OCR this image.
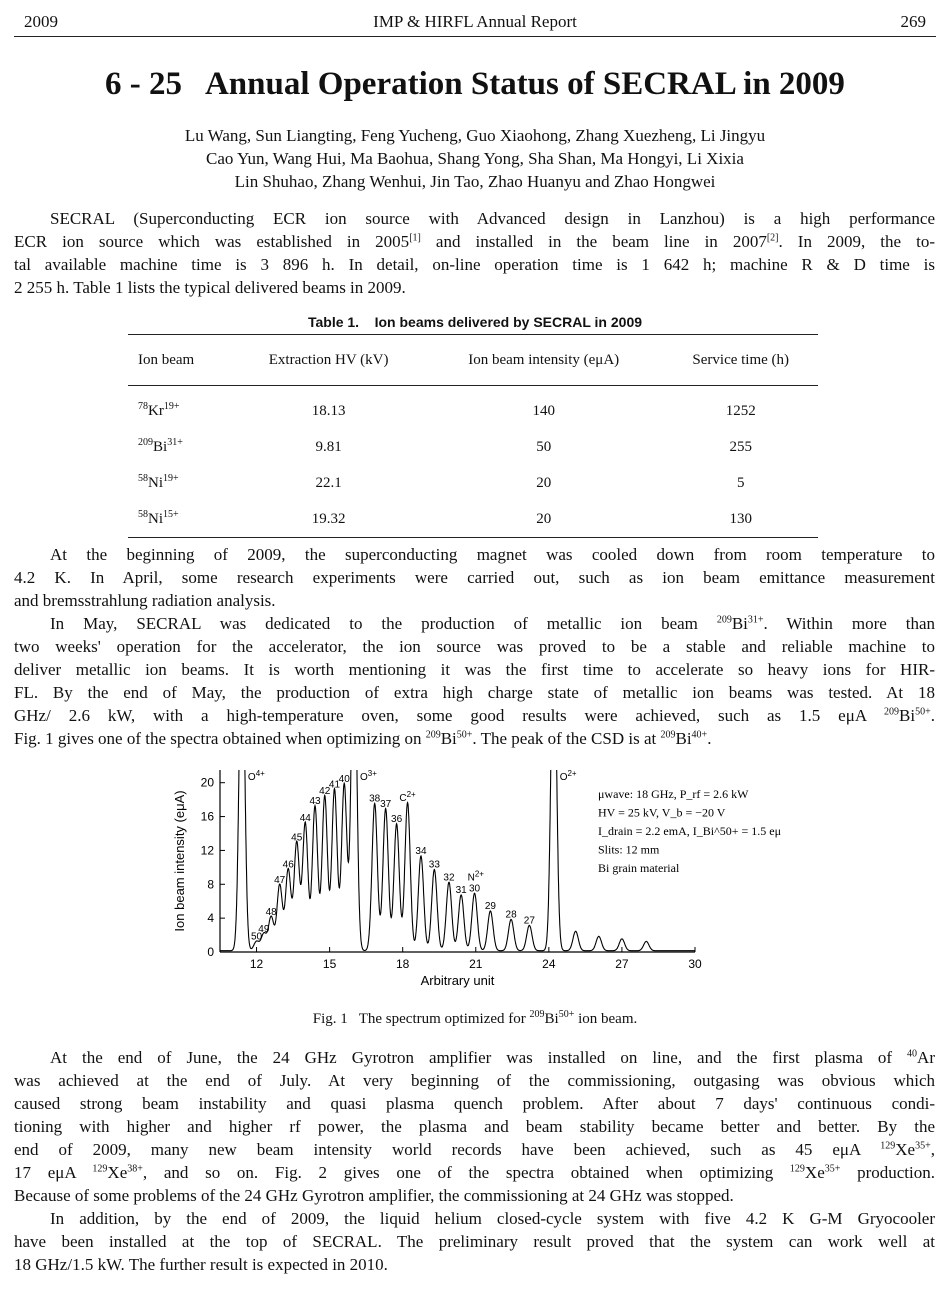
2009	IMP & HIRFL Annual Report	269
6 - 25   Annual Operation Status of SECRAL in 2009
Lu Wang, Sun Liangting, Feng Yucheng, Guo Xiaohong, Zhang Xuezheng, Li Jingyu
Cao Yun, Wang Hui, Ma Baohua, Shang Yong, Sha Shan, Ma Hongyi, Li Xixia
Lin Shuhao, Zhang Wenhui, Jin Tao, Zhao Huanyu and Zhao Hongwei
SECRAL (Superconducting ECR ion source with Advanced design in Lanzhou) is a high performance
ECR ion source which was established in 2005[1] and installed in the beam line in 2007[2]. In 2009, the to-
tal available machine time is 3 896 h. In detail, on-line operation time is 1 642 h; machine R & D time is
2 255 h. Table 1 lists the typical delivered beams in 2009.
Table 1.    Ion beams delivered by SECRAL in 2009
Ion beam	Extraction HV (kV)	Ion beam intensity (eμA)	Service time (h)
$^{78}Kr^{19+}$	18.13	140	1252
$^{209}Bi^{31+}$	9.81	50	255
$^{58}Ni^{19+}$	22.1	20	5
$^{58}Ni^{15+}$	19.32	20	130
At the beginning of 2009, the superconducting magnet was cooled down from room temperature to
4.2 K. In April, some research experiments were carried out, such as ion beam emittance measurement
and bremsstrahlung radiation analysis.
In May, SECRAL was dedicated to the production of metallic ion beam $^{209}Bi^{31+}$. Within more than
two weeks' operation for the accelerator, the ion source was proved to be a stable and reliable machine to
deliver metallic ion beams. It is worth mentioning it was the first time to accelerate so heavy ions for HIR-
FL. By the end of May, the production of extra high charge state of metallic ion beams was tested. At 18
GHz/ 2.6 kW, with a high-temperature oven, some good results were achieved, such as 1.5 eμA $^{209}Bi^{50+}$.
Fig. 1 gives one of the spectra obtained when optimizing on $^{209}Bi^{50+}$. The peak of the CSD is at $^{209}Bi^{40+}$.
12	15	18	21	24	27	30
0
4
8
12
16
20
Arbitrary unit
Ion beam intensity (eμA)
$O^{4+}$
50
49
48
47
46
45
44
43
42
41
40 $O^{3+}$
38 37
36
$C^{2+}$
34
33
32
31 30
$N^{2+}$
29
28
27
$O^{2+}$
μwave: 18 GHz, P_rf = 2.6 kW
HV = 25 kV, V_b = −20 V
I_drain = 2.2 emA, I_Bi^50+ = 1.5 eμ
Slits: 12 mm
Bi grain material
Fig. 1   The spectrum optimized for $^{209}Bi^{50+}$ ion beam.
At the end of June, the 24 GHz Gyrotron amplifier was installed on line, and the first plasma of $^{40}$Ar
was achieved at the end of July. At very beginning of the commissioning, outgasing was obvious which
caused strong beam instability and quasi plasma quench problem. After about 7 days' continuous condi-
tioning with higher and higher rf power, the plasma and beam stability became better and better. By the
end of 2009, many new beam intensity world records have been achieved, such as 45 eμA $^{129}Xe^{35+}$,
17 eμA $^{129}Xe^{38+}$, and so on. Fig. 2 gives one of the spectra obtained when optimizing $^{129}Xe^{35+}$ production.
Because of some problems of the 24 GHz Gyrotron amplifier, the commissioning at 24 GHz was stopped.
In addition, by the end of 2009, the liquid helium closed-cycle system with five 4.2 K G-M Gryocooler
have been installed at the top of SECRAL. The preliminary result proved that the system can work well at
18 GHz/1.5 kW. The further result is expected in 2010.
